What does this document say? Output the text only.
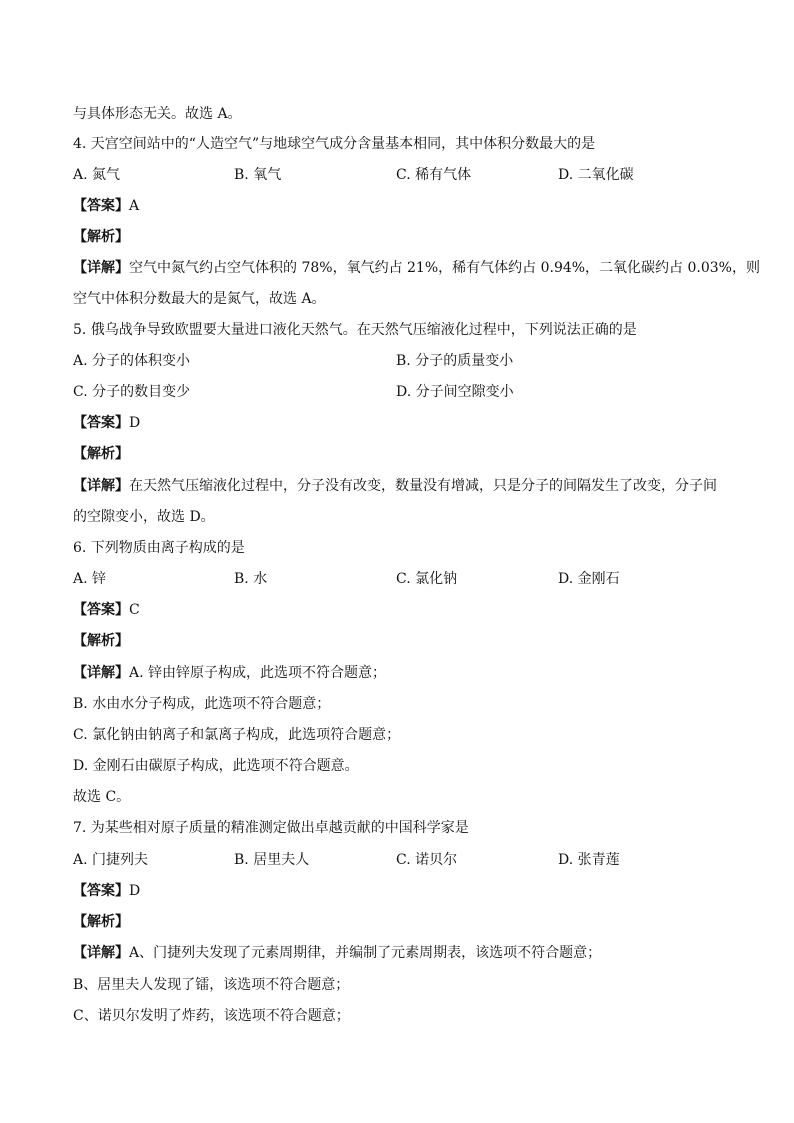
与具体形态无关。故选 A。
4. 天宫空间站中的“人造空气”与地球空气成分含量基本相同，其中体积分数最大的是
A. 氮气	B. 氧气	C. 稀有气体	D. 二氧化碳
【答案】A
【解析】
【详解】空气中氮气约占空气体积的 78%，氧气约占 21%，稀有气体约占 0.94%，二氧化碳约占 0.03%，则
空气中体积分数最大的是氮气，故选 A。
5. 俄乌战争导致欧盟要大量进口液化天然气。在天然气压缩液化过程中，下列说法正确的是
A. 分子的体积变小	B. 分子的质量变小
C. 分子的数目变少	D. 分子间空隙变小
【答案】D
【解析】
【详解】在天然气压缩液化过程中，分子没有改变，数量没有增减，只是分子的间隔发生了改变，分子间
的空隙变小，故选 D。
6. 下列物质由离子构成的是
A. 锌	B. 水	C. 氯化钠	D. 金刚石
【答案】C
【解析】
【详解】A. 锌由锌原子构成，此选项不符合题意；
B. 水由水分子构成，此选项不符合题意；
C. 氯化钠由钠离子和氯离子构成，此选项符合题意；
D. 金刚石由碳原子构成，此选项不符合题意。
故选 C。
7. 为某些相对原子质量的精准测定做出卓越贡献的中国科学家是
A. 门捷列夫	B. 居里夫人	C. 诺贝尔	D. 张青莲
【答案】D
【解析】
【详解】A、门捷列夫发现了元素周期律，并编制了元素周期表，该选项不符合题意；
B、居里夫人发现了镭，该选项不符合题意；
C、诺贝尔发明了炸药，该选项不符合题意；
